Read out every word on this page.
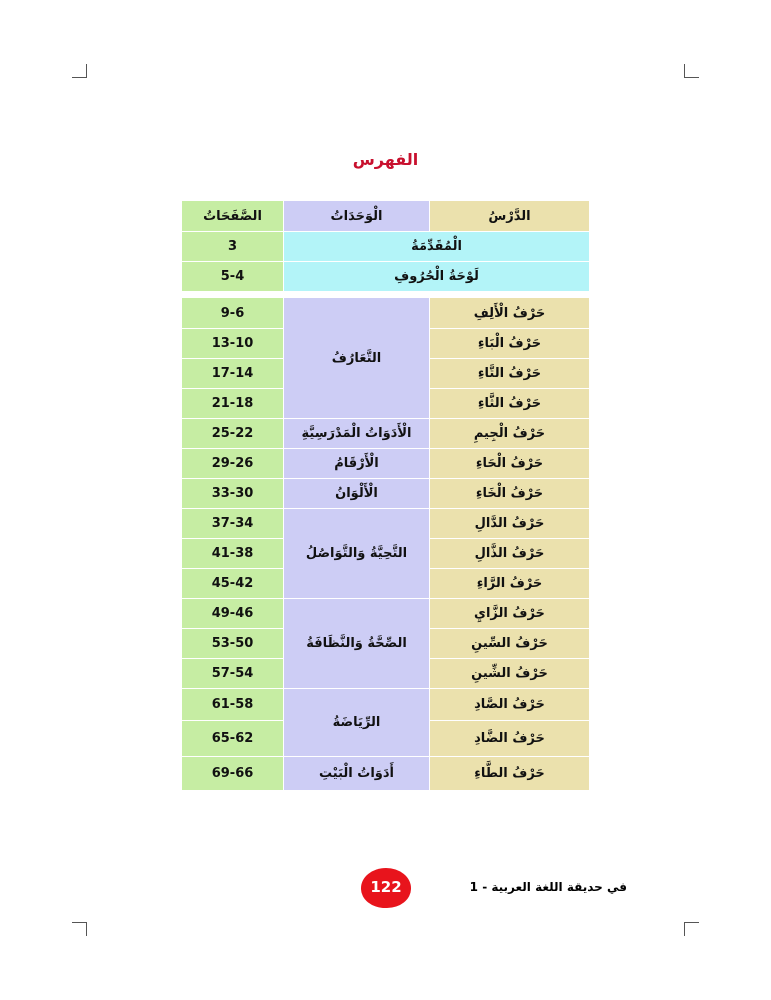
الفهرس
الدَّرْسُ	الْوَحَدَاتُ	الصَّفَحَاتُ
الْمُقَدِّمَةُ		3
لَوْحَةُ الْحُرُوفِ		5-4
حَرْفُ الْأَلِفِ	التَّعَارُفُ	9-6
حَرْفُ الْبَاءِ		13-10
حَرْفُ التَّاءِ		17-14
حَرْفُ الثَّاءِ		21-18
حَرْفُ الْجِيمِ	الْأَدَوَاتُ الْمَدْرَسِيَّةِ	25-22
حَرْفُ الْحَاءِ	الْأَرْقَامُ	29-26
حَرْفُ الْخَاءِ	الْأَلْوَانُ	33-30
حَرْفُ الدَّالِ	التَّحِيَّةُ وَالتَّوَاصُلُ	37-34
حَرْفُ الذَّالِ		41-38
حَرْفُ الرَّاءِ		45-42
حَرْفُ الزَّايِ	الصِّحَّةُ وَالنَّظَافَةُ	49-46
حَرْفُ السِّينِ		53-50
حَرْفُ الشِّينِ		57-54
حَرْفُ الصَّادِ	الرِّيَاضَةُ	61-58
حَرْفُ الضَّادِ		65-62
حَرْفُ الطَّاءِ	أَدَوَاتُ الْبَيْتِ	69-66
122	في حديقة اللغة العربية - 1
